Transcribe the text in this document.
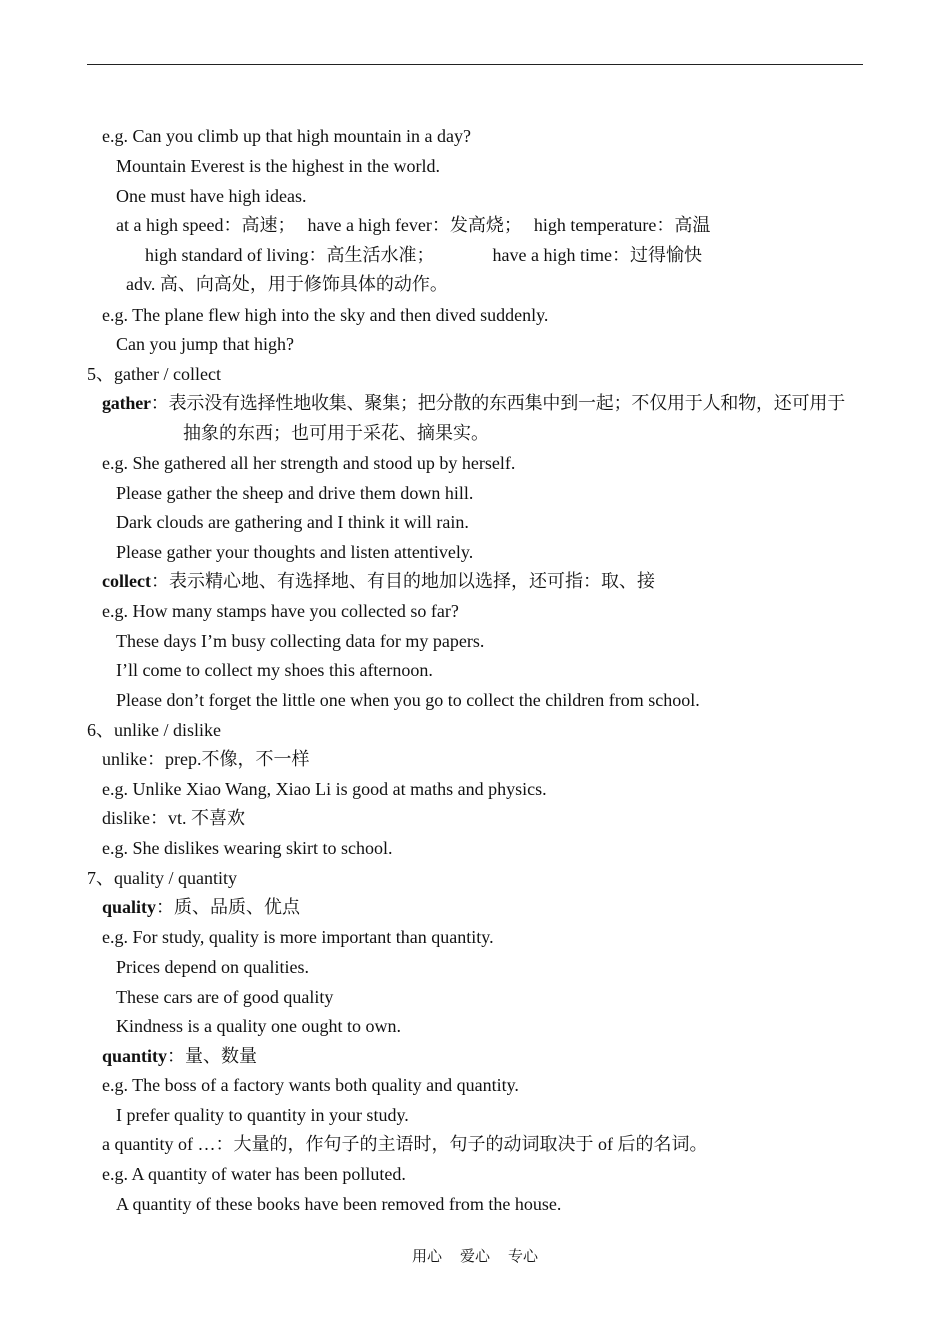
e.g. Can you climb up that high mountain in a day?
Mountain Everest is the highest in the world.
One must have high ideas.
at a high speed：高速； have a high fever：发高烧； high temperature：高温
high standard of living：高生活水准；	have a high time：过得愉快
adv. 高、向高处，用于修饰具体的动作。
e.g. The plane flew high into the sky and then dived suddenly.
Can you jump that high?
5、gather / collect
gather：表示没有选择性地收集、聚集；把分散的东西集中到一起；不仅用于人和物，还可用于
抽象的东西；也可用于采花、摘果实。
e.g. She gathered all her strength and stood up by herself.
Please gather the sheep and drive them down hill.
Dark clouds are gathering and I think it will rain.
Please gather your thoughts and listen attentively.
collect：表示精心地、有选择地、有目的地加以选择，还可指：取、接
e.g. How many stamps have you collected so far?
These days I’m busy collecting data for my papers.
I’ll come to collect my shoes this afternoon.
Please don’t forget the little one when you go to collect the children from school.
6、unlike / dislike
unlike：prep.不像，不一样
e.g. Unlike Xiao Wang, Xiao Li is good at maths and physics.
dislike：vt. 不喜欢
e.g. She dislikes wearing skirt to school.
7、quality / quantity
quality：质、品质、优点
e.g. For study, quality is more important than quantity.
Prices depend on qualities.
These cars are of good quality
Kindness is a quality one ought to own.
quantity：量、数量
e.g. The boss of a factory wants both quality and quantity.
I prefer quality to quantity in your study.
a quantity of …：大量的，作句子的主语时，句子的动词取决于 of 后的名词。
e.g. A quantity of water has been polluted.
A quantity of these books have been removed from the house.
用心 爱心 专心
